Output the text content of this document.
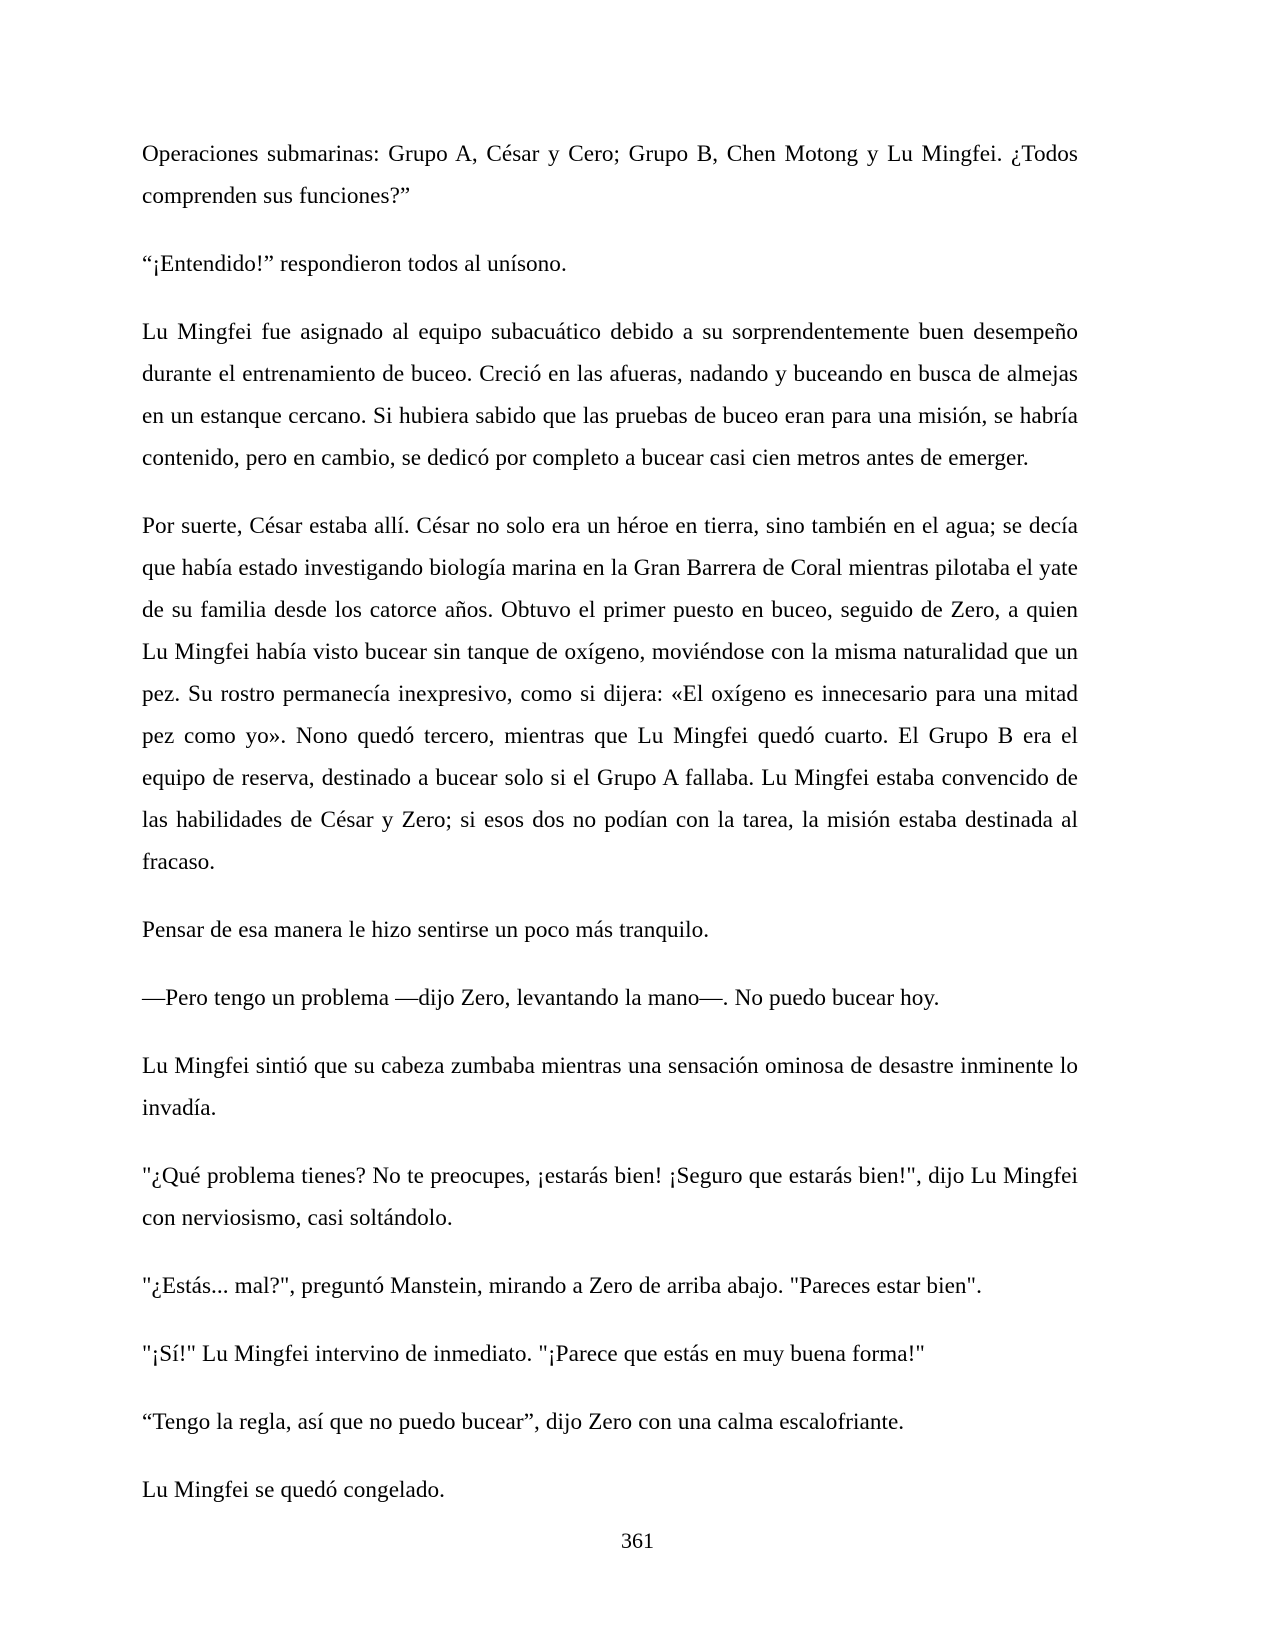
Operaciones submarinas: Grupo A, César y Cero; Grupo B, Chen Motong y Lu Mingfei. ¿Todos comprenden sus funciones?”

“¡Entendido!” respondieron todos al unísono.

Lu Mingfei fue asignado al equipo subacuático debido a su sorprendentemente buen desempeño durante el entrenamiento de buceo. Creció en las afueras, nadando y buceando en busca de almejas en un estanque cercano. Si hubiera sabido que las pruebas de buceo eran para una misión, se habría contenido, pero en cambio, se dedicó por completo a bucear casi cien metros antes de emerger.

Por suerte, César estaba allí. César no solo era un héroe en tierra, sino también en el agua; se decía que había estado investigando biología marina en la Gran Barrera de Coral mientras pilotaba el yate de su familia desde los catorce años. Obtuvo el primer puesto en buceo, seguido de Zero, a quien Lu Mingfei había visto bucear sin tanque de oxígeno, moviéndose con la misma naturalidad que un pez. Su rostro permanecía inexpresivo, como si dijera: «El oxígeno es innecesario para una mitad pez como yo». Nono quedó tercero, mientras que Lu Mingfei quedó cuarto. El Grupo B era el equipo de reserva, destinado a bucear solo si el Grupo A fallaba. Lu Mingfei estaba convencido de las habilidades de César y Zero; si esos dos no podían con la tarea, la misión estaba destinada al fracaso.

Pensar de esa manera le hizo sentirse un poco más tranquilo.

—Pero tengo un problema —dijo Zero, levantando la mano—. No puedo bucear hoy.

Lu Mingfei sintió que su cabeza zumbaba mientras una sensación ominosa de desastre inminente lo invadía.

"¿Qué problema tienes? No te preocupes, ¡estarás bien! ¡Seguro que estarás bien!", dijo Lu Mingfei con nerviosismo, casi soltándolo.

"¿Estás... mal?", preguntó Manstein, mirando a Zero de arriba abajo. "Pareces estar bien".

"¡Sí!" Lu Mingfei intervino de inmediato. "¡Parece que estás en muy buena forma!"

“Tengo la regla, así que no puedo bucear”, dijo Zero con una calma escalofriante.

Lu Mingfei se quedó congelado.

361
